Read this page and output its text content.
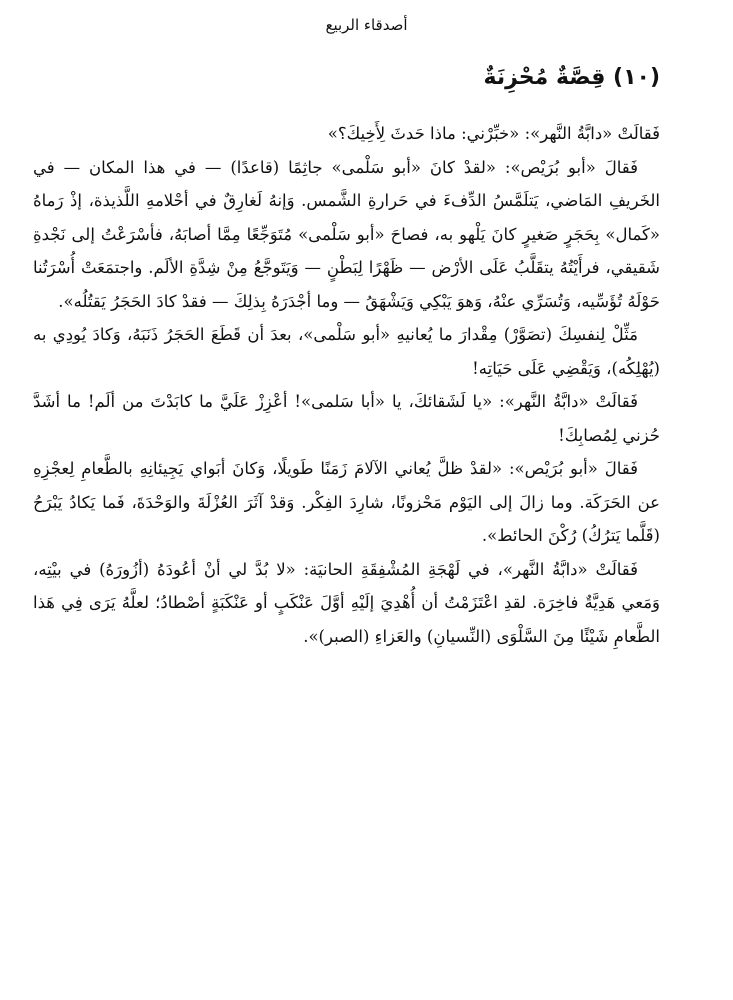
أصدقاء الربيع
(١٠) قِصَّةٌ مُحْزِنَةٌ

فَقالَتْ «دابَّةُ النَّهر»: «خبِّرْني: ماذا حَدثَ لِأَخِيكَ؟»

فَقالَ «أبو بُرَيْص»: «لقدْ كانَ «أبو سَلْمى» جاثِمًا (قاعدًا) — في هذا المكان — في الخَريفِ المَاضي، يَتلَمَّسُ الدِّفءَ في حَرارةِ الشَّمس. وَإنهُ لَغارِقٌ في أحْلامهِ اللَّذيذة، إذْ رَماهُ «كَمال» بِحَجَرٍ صَغيرٍ كانَ يَلْهو به، فصاحَ «أبو سَلْمى» مُتَوَجِّعًا مِمَّا أصابَهُ، فأسْرَعْتُ إلى نَجْدةِ شَقيقي، فرأَيْتُهُ يتقَلَّبُ عَلَى الأرْض — ظَهْرًا لِبَطْنٍ — وَيَتَوجَّعُ مِنْ شِدَّةِ الألَم. واجتمَعَتْ أُسْرَتُنا حَوْلَهُ تُؤَسِّيه، وَتُسَرِّي عنْهُ، وَهوَ يَبْكِي وَيَشْهَقُ — وما أجْدَرَهُ بِذلِكَ — فقدْ كادَ الحَجَرُ يَقتُلُه».

مَثِّلْ لِنفسِكَ (تصَوَّرْ) مِقْدارَ ما يُعانيهِ «أبو سَلْمى»، بعدَ أن قَطَعَ الحَجَرُ ذَنَبَهُ، وَكادَ يُودِي به (يُهْلِكُه)، وَيَقْضِي عَلَى حَيَاتِه!

فَقالَتْ «دابَّةُ النَّهر»: «يا لَشَقائكَ، يا «أبا سَلمى»! أعْزِزْ عَلَيَّ ما كابَدْتَ من ألَم! ما أشَدَّ حُزني لِمُصابِكَ!

فَقالَ «أبو بُرَيْص»: «لقدْ ظلَّ يُعاني الآلامَ زَمَنًا طَويلًا، وَكانَ أبَواي يَجِيئانِهِ بالطَّعامِ لِعجْزِهِ عن الحَرَكَة. وما زالَ إلى اليَوْم مَحْزونًا، شارِدَ الفِكْر. وَقدْ آثَرَ العُزْلَةَ والوَحْدَةَ، فَما يَكادُ يَبْرَحُ (قَلَّما يَترُكُ) رُكْنَ الحائط».

فَقالَتْ «دابَّةُ النَّهر»، في لَهْجَةِ المُشْفِقَةِ الحانيَة: «لا بُدَّ لي أنْ أعُودَهُ (أزُورَهُ) في بيْتِه، وَمَعي هَدِيَّةٌ فاخِرَة. لقدِ اعْتَزَمْتُ أن أُهْدِيَ إلَيْهِ أوَّلَ عَنْكَبٍ أو عَنْكَبَةٍ أصْطادُ؛ لعلَّهُ يَرَى فِي هَذا الطَّعامِ شَيْئًا مِنَ السَّلْوَى (النِّسيانِ) والعَزاءِ (الصبر)».
